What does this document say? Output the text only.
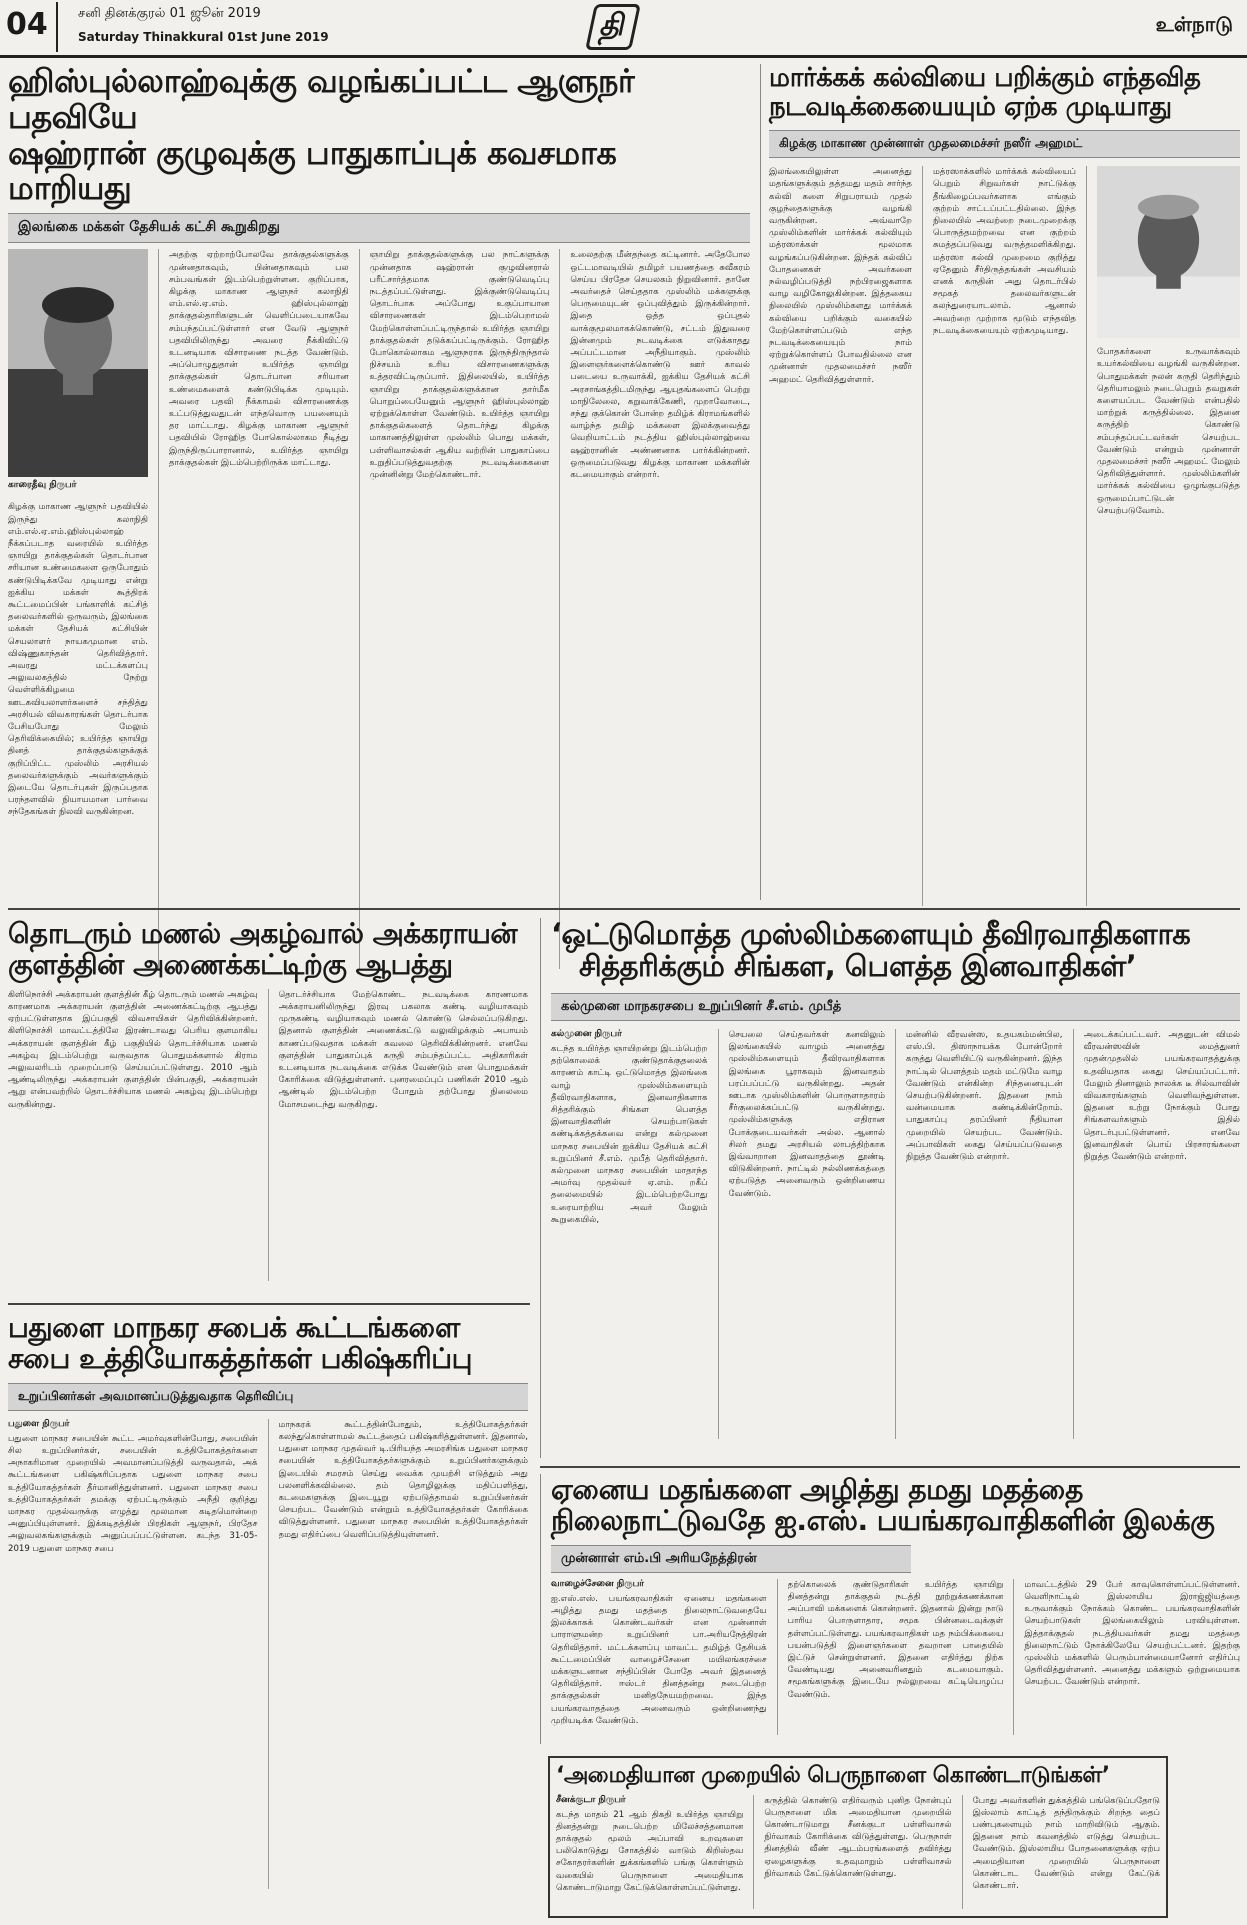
04	சனி தினக்குரல் 01 ஜூன் 2019
Saturday Thinakkural 01st June 2019	தி	உள்நாடு
ஹிஸ்புல்லாஹ்வுக்கு வழங்கப்பட்ட ஆளுநர் பதவியே
ஷஹ்ரான் குழுவுக்கு பாதுகாப்புக் கவசமாக மாறியது
இலங்கை மக்கள் தேசியக் கட்சி கூறுகிறது
காரைதீவு நிருபர்
கிழக்கு மாகாண ஆளுநர் பதவியில் இருந்து கலாநிதி எம்.எல்.ஏ.எம்.ஹிஸ்புல்லாஹ் நீக்கப்படாத வரையில் உயிர்த்த ஞாயிறு தாக்குதல்கள் தொடர்பான சரியான உண்மைகளை ஒருபோதும் கண்டுபிடிக்கவே முடியாது என்று ஐக்கிய மக்கள் கூத்திரக் கூட்டமைப்பின் பங்காளிக் கட்சித் தலைவர்களில் ஒருவரும், இலங்கை மக்கள் தேசியக் கட்சியின் செயலாளர் நாயகமுமான எம். விஷ்ணுகாந்தன் தெரிவித்தார். அவரது மட்டக்களப்பு அலுவலகத்தில் நேற்று வெள்ளிக்கிழமை ஊடகவியலாளர்களைச் சந்தித்து அரசியல் விவகாரங்கள் தொடர்பாக பேசியபோது மேலும் தெரிவிக்கையில்; உயிர்த்த ஞாயிறு தினத் தாக்குதல்களுக்குக் குறிப்பிட்ட முஸ்லிம் அரசியல் தலைவர்களுக்கும் அவர்களுக்கும் இடையே தொடர்புகள் இருப்பதாக பரந்தளவில் நியாயமான பார்வை சந்தேகங்கள் நிலவி வருகின்றன.
அதற்கு ஏற்றாற்போலவே தாக்குதல்களுக்கு முன்னதாகவும், பின்னதாகவும் பல சம்பவங்கள் இடம்பெற்றுள்ளன. குறிப்பாக, கிழக்கு மாகாண ஆளுநர் கலாநிதி எம்.எல்.ஏ.எம். ஹிஸ்புல்லாஹ் தாக்குதல்தாரிகளுடன் வெளிப்படையாகவே சம்பந்தப்பட்டுள்ளார் என வேடு ஆளுநர் பதவியிலிருந்து அவரை நீக்கிவிட்டு உடனடியாக விசாரணை நடத்த வேண்டும். அப்பொழுதுதான் உயிர்த்த ஞாயிறு தாக்குதல்கள் தொடர்பான சரியான உண்மைகளைக் கண்டுபிடிக்க முடியும். அவரை பதவி நீக்காமல் விசாரணைக்கு உட்படுத்துவதுடன் எந்தவொரு பயனையும் தர மாட்டாது. கிழக்கு மாகாண ஆளுநர் பதவியில் ரோஹித போகொல்லாகம நீடித்து இருந்திருப்பாரானால், உயிர்த்த ஞாயிறு தாக்குதல்கள் இடம்பெற்றிருக்க மாட்டாது.
ஞாயிறு தாக்குதல்களுக்கு பல நாட்களுக்கு முன்னதாக ஷஹ்ரான் குழுவினரால் பரீட்சார்த்தமாக குண்டுவெடிப்பு நடத்தப்பட்டுள்ளது. இக்குண்டுவெடிப்பு தொடர்பாக அப்போது உகுப்பாயான விசாரணைகள் இடம்பெறாமல் மேற்கொள்ளப்பட்டிருந்தால் உயிர்த்த ஞாயிறு தாக்குதல்கள் தடுக்கப்பட்டிருக்கும். ரோஹித போகொல்லாகம ஆளுநராக இருந்திருந்தால் நிச்சயம் உரிய விசாரணைகளுக்கு உத்தரவிட்டிருப்பார். இதிலையில், உயிர்த்த ஞாயிறு தாக்குதல்களுக்கான தார்மீக பொறுப்பையேனும் ஆளுநர் ஹிஸ்புல்லாஹ் ஏற்றுக்கொள்ள வேண்டும். உயிர்த்த ஞாயிறு தாக்குதல்களைத் தொடர்ந்து கிழக்கு மாகாணத்திலுள்ள முஸ்லிம் பொது மக்கள், பள்ளிவாசல்கள் ஆகிய வற்றின் பாதுகாப்பை உறுதிப்படுத்துவதற்கு நடவடிக்கைகளை முன்னின்று மேற்கொண்டார்.
உலைதற்கு மீன்தந்தை கட்டினார். அதேபோல ஒட்டமாவடியில் தமிழர் பயணத்தை சுவீகரம் செய்ய பிரதேச செயலகம் நிறுவினார். தானே அவர்தைச் செய்ததாக முஸ்லிம் மக்களுக்கு பெருமையுடன் ஒப்புவித்தும் இருக்கின்றார். இதை ஒத்த ஒப்புதல் வாக்குமூலமாகக்கொண்டு, சட்டம் இதுவரை இன்னமும் நடவடிக்கை எடுக்காதது அப்பட்டமான அநீதியாகும். முஸ்லிம் இளைஞர்களைக்கொண்டு ஊர் காவல் படையை உருவாக்கி, ஐக்கிய தேசியக் கட்சி அரசாங்கத்திடமிருந்து ஆயுதங்களைப் பெற்று மாநிலேலை, கறுவாக்கேணி, முறாவோடை, சந்து குக்கொன் போன்ற தமிழ்க் கிராமங்களில் வாழ்ந்த தமிழ் மக்களை இலக்குவைத்து வெறியாட்டம் நடத்திய ஹிஸ்புல்லாஹ்வை ஷஹ்ரானின் அண்ணனாக பார்க்கின்றனர். ஒருமைப்படுவது கிழக்கு மாகாண மக்களின் கடமையாகும் என்றார்.
மார்க்கக் கல்வியை பறிக்கும் எந்தவித
நடவடிக்கையையும் ஏற்க முடியாது
கிழக்கு மாகாண முன்னாள் முதலமைச்சர் நஸீர் அஹமட்
இலங்கையிலுள்ள அனைத்து மதங்களுக்கும் தத்தமது மதம் சார்ந்த கல்வி களை சிறுபராயம் முதல் குழந்தைகளுக்கு வழங்கி வருகின்றன. அவ்வாறே முஸ்லிம்களின் மார்க்கக் கல்வியும் மத்ரஸாக்கள் மூலமாக வழங்கப்படுகின்றன. இந்தக் கல்விப் போதனைகள் அவர்களை நல்வழிப்படுத்தி நற்பிரஜைகளாக வாழ வழிகோலுகின்றன. இத்தகைய நிலையில் முஸ்லிம்களது மார்க்கக் கல்வியை பறிக்கும் வகையில் மேற்கொள்ளப்படும் எந்த நடவடிக்கையையும் நாம் ஏற்றுக்கொள்ளப் போவதில்லை என முன்னாள் முதலமைச்சர் நஸீர் அஹமட் தெரிவித்துள்ளார்.
மத்ரஸாக்களில் மார்க்கக் கல்வியைப் பெறும் சிறுவர்கள் நாட்டுக்கு தீங்கிழைப்பவர்களாக எங்கும் குற்றம் சாட்டப்பட்டதில்லை. இந்த நிலையில் அவற்றை நடைமுறைக்கு பொருத்தமற்றவை என குற்றம் சுமத்தப்படுவது வருத்தமளிக்கிறது. மத்ரஸா கல்வி முறைமை குறித்து ஏதேனும் சீர்திருத்தங்கள் அவசியம் எனக் கருதின் அது தொடர்பில் சமூகத் தலைவர்களுடன் கலந்துரையாடலாம். ஆனால் அவற்றை முற்றாக மூடும் எந்தவித நடவடிக்கையையும் ஏற்கமுடியாது.
போதகர்களை உருவாக்கவும் உயர்கல்வியை வழங்கி வருகின்றன. பொதுமக்கள் நலன் கருதி தெரிந்தும் தெரியாமலும் நடைபெறும் தவறுகள் களையப்பட வேண்டும் என்பதில் மாற்றுக் கருத்தில்லை. இதனை கருத்திற் கொண்டு சம்பந்தப்பட்டவர்கள் செயற்பட வேண்டும் என்றும் முன்னாள் முதலமைச்சர் நஸீர் அஹமட் மேலும் தெரிவித்துள்ளார். முஸ்லிம்களின் மார்க்கக் கல்வியை ஒழுங்குபடுத்த ஒருமைப்பாட்டுடன் செயற்படுவோம்.
தொடரும் மணல் அகழ்வால் அக்கராயன்
குளத்தின் அணைக்கட்டிற்கு ஆபத்து
கிளிநொச்சி அக்கராயன் குளத்தின் கீழ் தொடரும் மணல் அகழ்வு காரணமாக அக்கராயன் குளத்தின் அணைக்கட்டிற்கு ஆபத்து ஏற்பட்டுள்ளதாக இப்பகுதி விவசாயிகள் தெரிவிக்கின்றனர். கிளிநொச்சி மாவட்டத்திலே இரண்டாவது பெரிய குளமாகிய அக்கராயன் குளத்தின் கீழ் பகுதியில் தொடர்ச்சியாக மணல் அகழ்வு இடம்பெற்று வருவதாக பொதுமக்களால் கிராம அலுவலரிடம் முறைப்பாடு செய்யப்பட்டுள்ளது. 2010 ஆம் ஆண்டிலிருந்து அக்கராயன் குளத்தின் பின்பகுதி, அக்கராயன் ஆறு என்பவற்றில் தொடர்ச்சியாக மணல் அகழ்வு இடம்பெற்று வருகின்றது.
தொடர்ச்சியாக மேற்கொண்ட நடவடிக்கை காரணமாக அக்கராயனிலிருந்து இரவு பகலாக கண்டி வழியாகவும் முருகண்டி வழியாகவும் மணல் கொண்டு செல்லப்படுகிறது. இதனால் குளத்தின் அணைக்கட்டு வலுவிழக்கும் அபாயம் காணப்படுவதாக மக்கள் கவலை தெரிவிக்கின்றனர். எனவே குளத்தின் பாதுகாப்புக் கருதி சம்பந்தப்பட்ட அதிகாரிகள் உடனடியாக நடவடிக்கை எடுக்க வேண்டும் என பொதுமக்கள் கோரிக்கை விடுத்துள்ளனர். புனரமைப்புப் பணிகள் 2010 ஆம் ஆண்டில் இடம்பெற்ற போதும் தற்போது நிலைமை மோசமடைந்து வருகிறது.
‘ஒட்டுமொத்த முஸ்லிம்களையும் தீவிரவாதிகளாக
சித்தரிக்கும் சிங்கள, பௌத்த இனவாதிகள்’
கல்முனை மாநகரசபை உறுப்பினர் சீ.எம். முபீத்
கல்முனை நிருபர்
கடந்த உயிர்த்த ஞாயிறன்று இடம்பெற்ற தற்கொலைக் குண்டுதாக்குதலைக் காரணம் காட்டி ஒட்டுமொத்த இலங்கை வாழ் முஸ்லிம்களையும் தீவிரவாதிகளாக, இனவாதிகளாக சித்தரிக்கும் சிங்கள பௌத்த இனவாதிகளின் செயற்பாடுகள் கண்டிக்கத்தக்கவை என்று கல்முனை மாநகர சபையின் ஐக்கிய தேசியக் கட்சி உறுப்பினர் சீ.எம். முபீத் தெரிவித்தார். கல்முனை மாநகர சபையின் மாதாந்த அமர்வு முதல்வர் ஏ.எம். றகீப் தலைமையில் இடம்பெற்றபோது உரையாற்றிய அவர் மேலும் கூறுகையில்,
செயலை செய்தவர்கள் கனவிலும் இலங்கையில் வாழும் அனைத்து முஸ்லிம்களையும் தீவிரவாதிகளாக இலங்கை பூராகவும் இனவாதம் பரப்பப்பட்டு வருகின்றது. அதன் ஊடாக முஸ்லிம்களின் பொருளாதாரம் சீர்குலைக்கப்பட்டு வருகின்றது. முஸ்லிம்களுக்கு எதிரான போக்குடையவர்கள் அல்ல. ஆனால் சிலர் தமது அரசியல் லாபத்திற்காக இவ்வாறான இனவாதத்தை தூண்டி விடுகின்றனர். நாட்டில் நல்லிணக்கத்தை ஏற்படுத்த அனைவரும் ஒன்றிணைய வேண்டும்.
மன்னில் வீரவன்ஸ, உதயகம்மன்பில, எஸ்.பி. திஸாநாயக்க போன்றோர் கருத்து வெளியிட்டு வருகின்றனர். இந்த நாட்டில் பௌத்தம் மதம் மட்டுமே வாழ வேண்டும் என்கின்ற சிந்தனையுடன் செயற்படுகின்றனர். இதனை நாம் வன்மையாக கண்டிக்கின்றோம். பாதுகாப்பு தரப்பினர் நீதியான முறையில் செயற்பட வேண்டும். அப்பாவிகள் கைது செய்யப்படுவதை நிறுத்த வேண்டும் என்றார்.
அடைக்கப்பட்டவர். அதனுடன் விமல் வீரவன்ஸவின் மைத்துனர் முதன்முதலில் பயங்கரவாதத்துக்கு உதவியதாக கைது செய்யப்பட்டார். மேலும் தினாலும் நாலக்க டீ சில்வாவின் விவகாரங்களும் வெளிவந்துள்ளன. இதனை உற்று நோக்கும் போது சிங்களவர்களும் இதில் தொடர்புபட்டுள்ளனர். எனவே இனவாதிகள் பொய் பிரசாரங்களை நிறுத்த வேண்டும் என்றார்.
பதுளை மாநகர சபைக் கூட்டங்களை
சபை உத்தியோகத்தர்கள் பகிஷ்கரிப்பு
உறுப்பினர்கள் அவமானப்படுத்துவதாக தெரிவிப்பு
பதுளை நிருபர்
பதுளை மாநகர சபையின் கூட்ட அமர்வுகளின்போது, சபையின் சில உறுப்பினர்கள், சபையின் உத்தியோகத்தர்களை அநாகரிமான முறையில் அவமானப்படுத்தி வருவதால், அக் கூட்டங்களை பகிஷ்கரிப்பதாக பதுளை மாநகர சபை உத்தியோகத்தர்கள் தீர்மானித்துள்ளனர். பதுளை மாநகர சபை உத்தியோகத்தர்கள் தமக்கு ஏற்பட்டிருக்கும் அநீதி குறித்து மாநகர முதல்வருக்கு எழுத்து மூலமான கடிதமொன்றை அனுப்பியுள்ளனர். இக்கடிதத்தின் பிரதிகள் ஆளுநர், பிரதேச அலுவலகங்களுக்கும் அனுப்பப்பட்டுள்ளன. கடந்த 31-05-2019 பதுளை மாநகர சபை
மாநகரக் கூட்டத்தின்போதும், உத்தியோகத்தர்கள் கலந்துகொள்ளாமல் கூட்டத்தைப் பகிஷ்கரித்துள்ளனர். இதனால், பதுளை மாநகர முதல்வர் டி.பிரியந்த அமரசிங்க பதுளை மாநகர சபையின் உத்தியோகத்தர்களுக்கும் உறுப்பினர்களுக்கும் இடையில் சமரசம் செய்து வைக்க முயற்சி எடுத்தும் அது பலனளிக்கவில்லை. தம் தொழிலுக்கு மதிப்பளித்து, கடமைகளுக்கு இடையூறு ஏற்படுத்தாமல் உறுப்பினர்கள் செயற்பட வேண்டும் என்றும் உத்தியோகத்தர்கள் கோரிக்கை விடுத்துள்ளனர். பதுளை மாநகர சபையின் உத்தியோகத்தர்கள் தமது எதிர்ப்பை வெளிப்படுத்தியுள்ளனர்.
ஏனைய மதங்களை அழித்து தமது மதத்தை
நிலைநாட்டுவதே ஐ.எஸ். பயங்கரவாதிகளின் இலக்கு
முன்னாள் எம்.பி அரியநேத்திரன்
வாழைச்சேனை நிருபர்
ஐ.எஸ்.எஸ். பயங்கரவாதிகள் ஏனைய மதங்களை அழித்து தமது மதத்தை நிலைநாட்டுவதையே இலக்காகக் கொண்டவர்கள் என முன்னாள் பாராளுமன்ற உறுப்பினர் பா.அரியநேத்திரன் தெரிவித்தார். மட்டக்களப்பு மாவட்ட தமிழ்த் தேசியக் கூட்டமைப்பின் வாழைச்சேனை மயிலங்கரச்சை மக்களுடனான சந்திப்பின் போதே அவர் இதனைத் தெரிவித்தார். ஈஸ்டர் தினத்தன்று நடைபெற்ற தாக்குதல்கள் மனிதநேயமற்றவை. இந்த பயங்கரவாதத்தை அனைவரும் ஒன்றிணைந்து முறியடிக்க வேண்டும்.
தற்கொலைக் குண்டுதாரிகள் உயிர்த்த ஞாயிறு தினத்தன்று தாக்குதல் நடத்தி நூற்றுக்கணக்கான அப்பாவி மக்களைக் கொன்றனர். இதனால் இன்று நாடு பாரிய பொருளாதார, சமூக பின்னடைவுக்குள் தள்ளப்பட்டுள்ளது. பயங்கரவாதிகள் மத நம்பிக்கையை பயன்படுத்தி இளைஞர்களை தவறான பாதையில் இட்டுச் சென்றுள்ளனர். இதனை எதிர்த்து நிற்க வேண்டியது அனைவரினதும் கடமையாகும். சமூகங்களுக்கு இடையே நல்லுறவை கட்டியெழுப்ப வேண்டும்.
மாவட்டத்தில் 29 பேர் காவுகொள்ளப்பட்டுள்ளனர். வெளிநாட்டில் இஸ்லாமிய இராஜ்ஜியத்தை உருவாக்கும் நோக்கம் கொண்ட பயங்கரவாதிகளின் செயற்பாடுகள் இலங்கையிலும் பரவியுள்ளன. இத்தாக்குதல் நடத்தியவர்கள் தமது மதத்தை நிலைநாட்டும் நோக்கிலேயே செயற்பட்டனர். இதற்கு முஸ்லிம் மக்களில் பெரும்பான்மையானோர் எதிர்ப்பு தெரிவித்துள்ளனர். அனைத்து மக்களும் ஒற்றுமையாக செயற்பட வேண்டும் என்றார்.
‘அமைதியான முறையில் பெருநாளை கொண்டாடுங்கள்’
சீனக்குடா நிருபர்
கடந்த மாதம் 21 ஆம் திகதி உயிர்த்த ஞாயிறு தினத்தன்று நடைபெற்ற மிலேச்சத்தனமான தாக்குதல் மூலம் அப்பாவி உறவுகளை பலிகொடுத்து சோகத்தில் வாடும் கிறிஸ்தவ சகோதரர்களின் துக்கங்களில் பங்கு கொள்ளும் வகையில் பெருநாளை அமைதியாக கொண்டாடுமாறு கேட்டுக்கொள்ளப்பட்டுள்ளது.
கருத்தில் கொண்டு எதிர்வரும் புனித நோன்புப் பெருநாளை மிக அமைதியான முறையில் கொண்டாடுமாறு சீனக்குடா பள்ளிவாசல் நிர்வாகம் கோரிக்கை விடுத்துள்ளது. பெருநாள் தினத்தில் வீண் ஆடம்பரங்களைத் தவிர்த்து ஏழைகளுக்கு உதவுமாறும் பள்ளிவாசல் நிர்வாகம் கேட்டுக்கொண்டுள்ளது.
போது அவர்களின் துக்கத்தில் பங்கெடுப்பதோடு இஸ்லாம் காட்டித் தந்திருக்கும் சிறந்த தைப் பண்புகளையும் நாம் மாறிவிடும் ஆகும். இதனை நாம் கவனத்தில் எடுத்து செயற்பட வேண்டும். இஸ்லாமிய போதனைகளுக்கு ஏற்ப அமைதியான முறையில் பெருநாளை கொண்டாட வேண்டும் என்று கேட்டுக் கொண்டார்.
